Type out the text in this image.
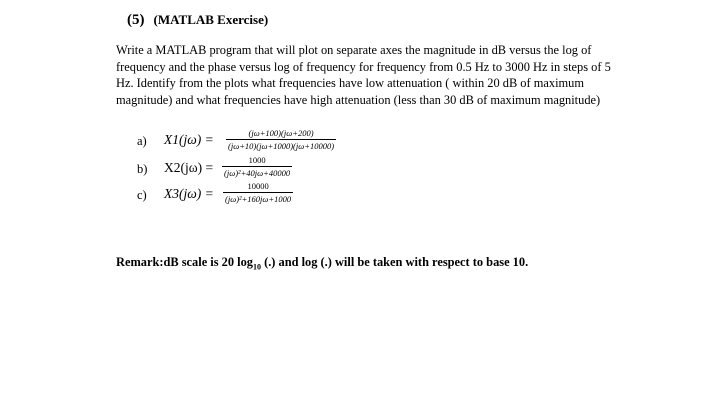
(5) (MATLAB Exercise)
Write a MATLAB program that will plot on separate axes the magnitude in dB versus the log of
frequency and the phase versus log of frequency for frequency from 0.5 Hz to 3000 Hz in steps of 5
Hz. Identify from the plots what frequencies have low attenuation ( within 20 dB of maximum
magnitude) and what frequencies have high attenuation (less than 30 dB of maximum magnitude)
a) $X1(j\omega) = \frac{(j\omega+100)(j\omega+200)}{(j\omega+10)(j\omega+1000)(j\omega+10000)}$
b) $X2(j\omega) = \frac{1000}{\text{(jω)²+40jω+40000}}$
c) $X3(j\omega) = \frac{10000}{\text{(jω)²+160jω+1000}}$
Remark:dB scale is 20 $\log_{10}$ (.) and log (.) will be taken with respect to base 10.
